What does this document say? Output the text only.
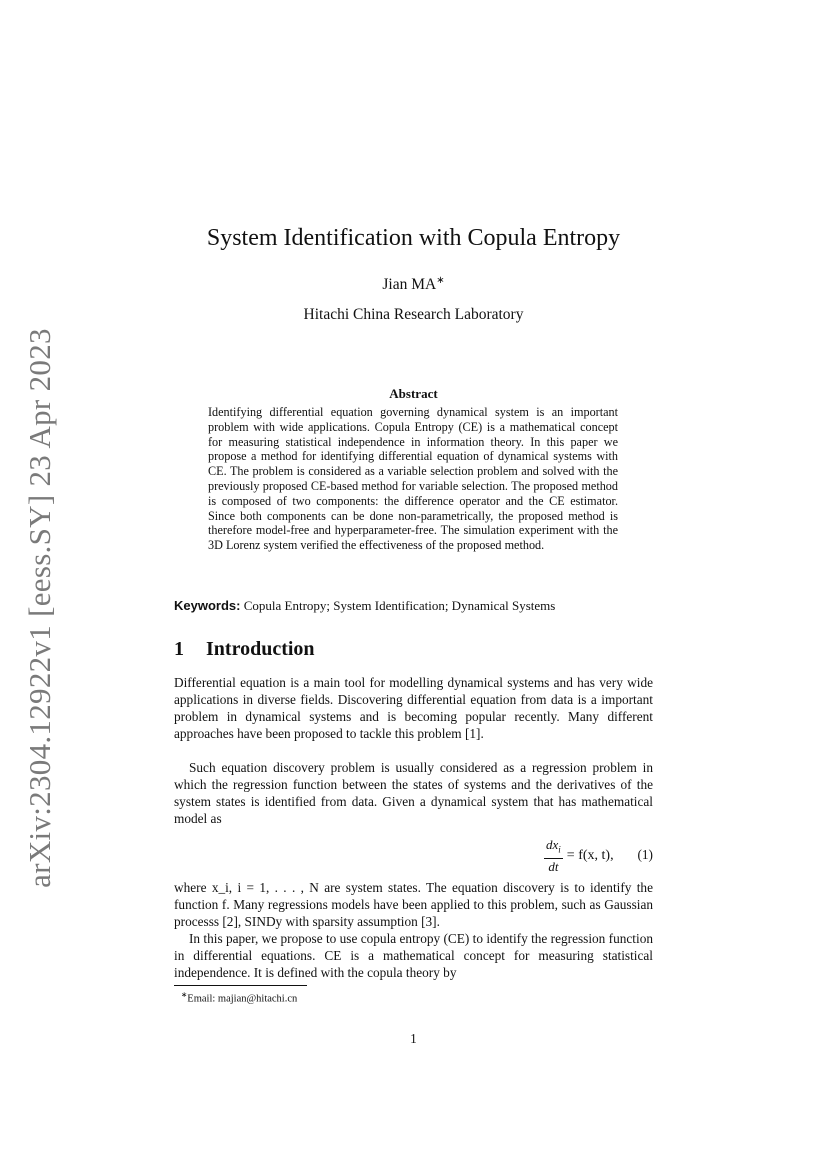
arXiv:2304.12922v1 [eess.SY] 23 Apr 2023
System Identification with Copula Entropy
Jian MA∗
Hitachi China Research Laboratory
Abstract

Identifying differential equation governing dynamical system is an important problem with wide applications. Copula Entropy (CE) is a mathematical concept for measuring statistical independence in information theory. In this paper we propose a method for identifying differential equation of dynamical systems with CE. The problem is considered as a variable selection problem and solved with the previously proposed CE-based method for variable selection. The proposed method is composed of two components: the difference operator and the CE estimator. Since both components can be done non-parametrically, the proposed method is therefore model-free and hyperparameter-free. The simulation experiment with the 3D Lorenz system verified the effectiveness of the proposed method.

Keywords: Copula Entropy; System Identification; Dynamical Systems
1 Introduction

Differential equation is a main tool for modelling dynamical systems and has very wide applications in diverse fields. Discovering differential equation from data is a important problem in dynamical systems and is becoming popular recently. Many different approaches have been proposed to tackle this problem [1].

Such equation discovery problem is usually considered as a regression problem in which the regression function between the states of systems and the derivatives of the system states is identified from data. Given a dynamical system that has mathematical model as

$\frac{dx_i}{dt} = f(x$, t), (1)

where x_i, i = 1, . . . , N are system states. The equation discovery is to identify the function f. Many regressions models have been applied to this problem, such as Gaussian processs [2], SINDy with sparsity assumption [3].

In this paper, we propose to use copula entropy (CE) to identify the regression function in differential equations. CE is a mathematical concept for measuring statistical independence. It is defined with the copula theory by

∗Email: majian@hitachi.cn
1
